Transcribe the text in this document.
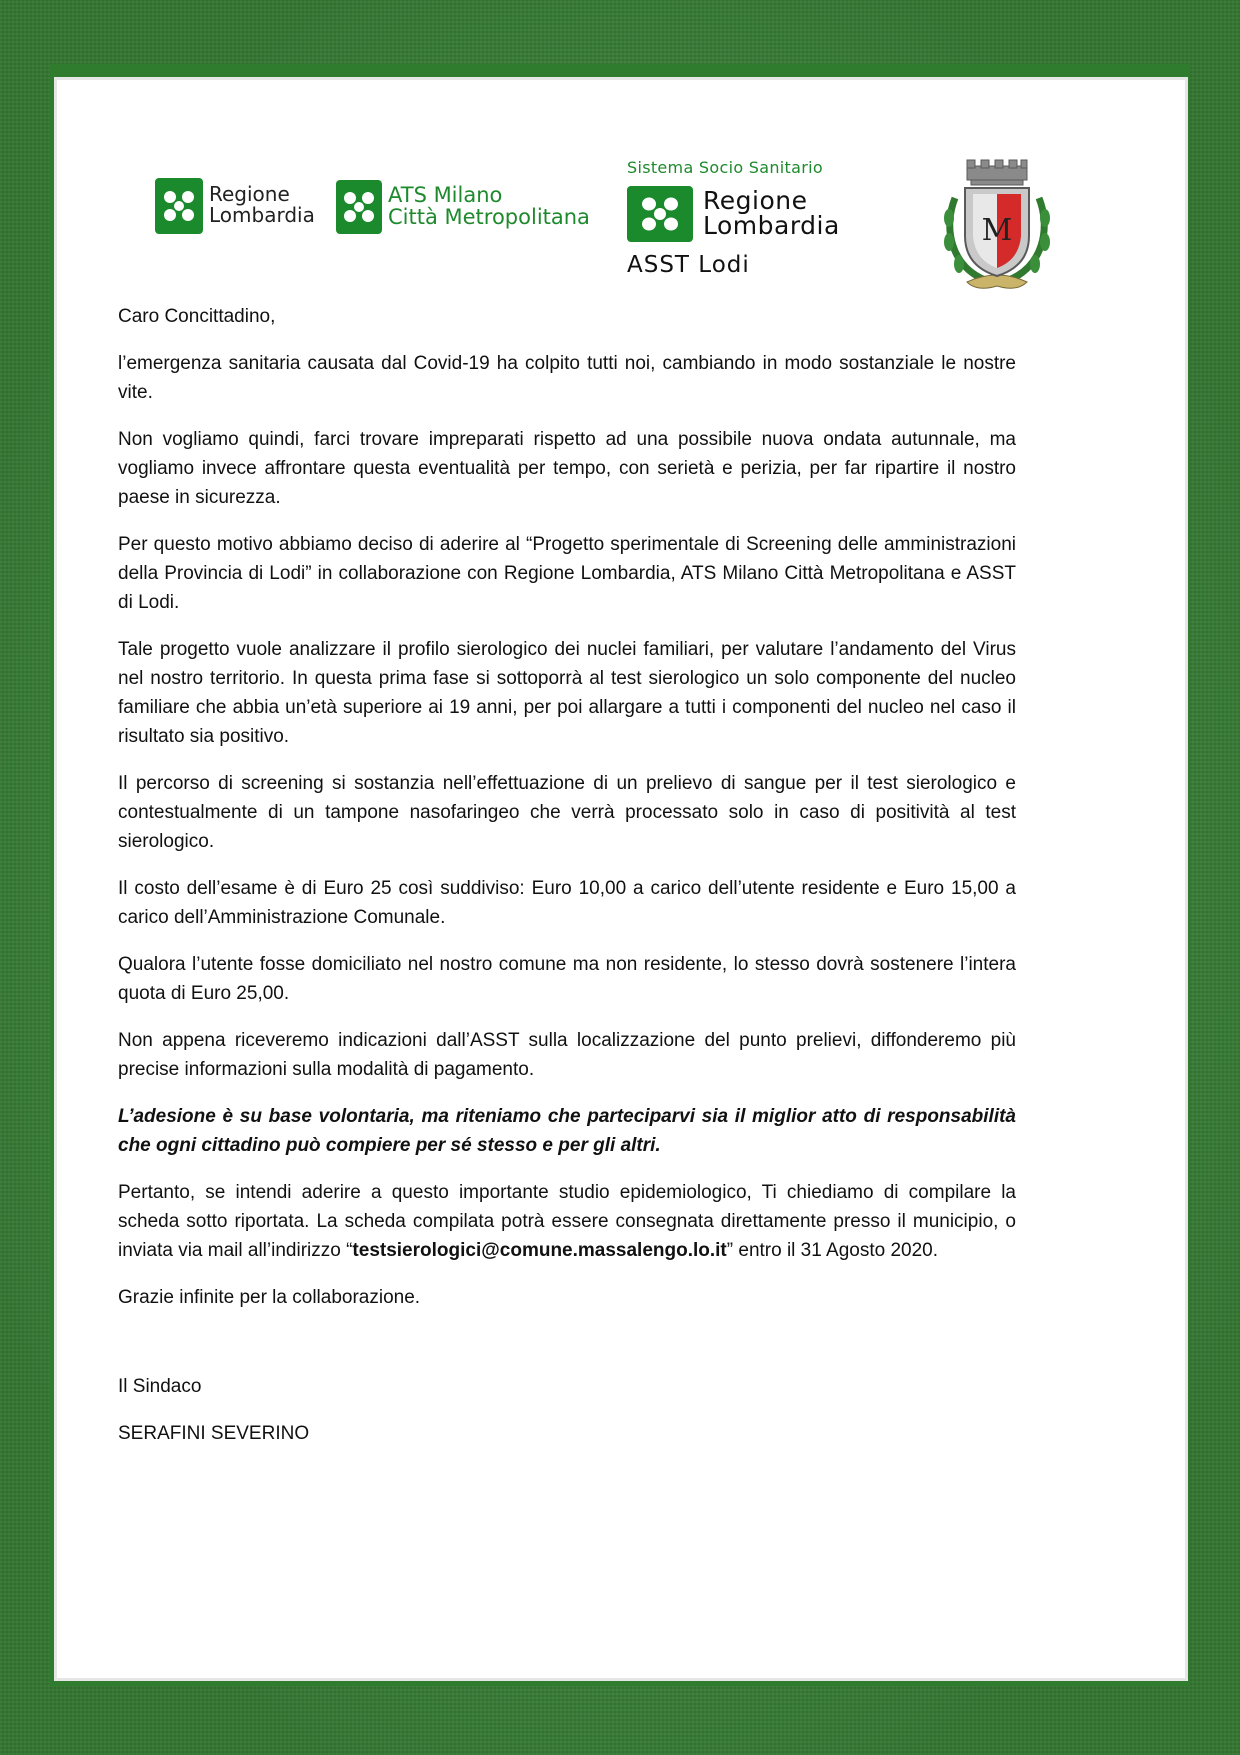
Regione
Lombardia
ATS Milano
Città Metropolitana
Sistema Socio Sanitario
Regione
Lombardia
ASST Lodi
M

Caro Concittadino,

l’emergenza sanitaria causata dal Covid-19 ha colpito tutti noi, cambiando in modo sostanziale le nostre vite.

Non vogliamo quindi, farci trovare impreparati rispetto ad una possibile nuova ondata autunnale, ma vogliamo invece affrontare questa eventualità per tempo, con serietà e perizia, per far ripartire il nostro paese in sicurezza.

Per questo motivo abbiamo deciso di aderire al “Progetto sperimentale di Screening delle amministrazioni della Provincia di Lodi” in collaborazione con Regione Lombardia, ATS Milano Città Metropolitana e ASST di Lodi.

Tale progetto vuole analizzare il profilo sierologico dei nuclei familiari, per valutare l’andamento del Virus nel nostro territorio. In questa prima fase si sottoporrà al test sierologico un solo componente del nucleo familiare che abbia un’età superiore ai 19 anni, per poi allargare a tutti i componenti del nucleo nel caso il risultato sia positivo.

Il percorso di screening si sostanzia nell’effettuazione di un prelievo di sangue per il test sierologico e contestualmente di un tampone nasofaringeo che verrà processato solo in caso di positività al test sierologico.

Il costo dell’esame è di Euro 25 così suddiviso: Euro 10,00 a carico dell’utente residente e Euro 15,00 a carico dell’Amministrazione Comunale.

Qualora l’utente fosse domiciliato nel nostro comune ma non residente, lo stesso dovrà sostenere l’intera quota di Euro 25,00.

Non appena riceveremo indicazioni dall’ASST sulla localizzazione del punto prelievi, diffonderemo più precise informazioni sulla modalità di pagamento.

L’adesione è su base volontaria, ma riteniamo che parteciparvi sia il miglior atto di responsabilità che ogni cittadino può compiere per sé stesso e per gli altri.

Pertanto, se intendi aderire a questo importante studio epidemiologico, Ti chiediamo di compilare la scheda sotto riportata. La scheda compilata potrà essere consegnata direttamente presso il municipio, o inviata via mail all’indirizzo “testsierologici@comune.massalengo.lo.it” entro il 31 Agosto 2020.

Grazie infinite per la collaborazione.

Il Sindaco

SERAFINI SEVERINO
